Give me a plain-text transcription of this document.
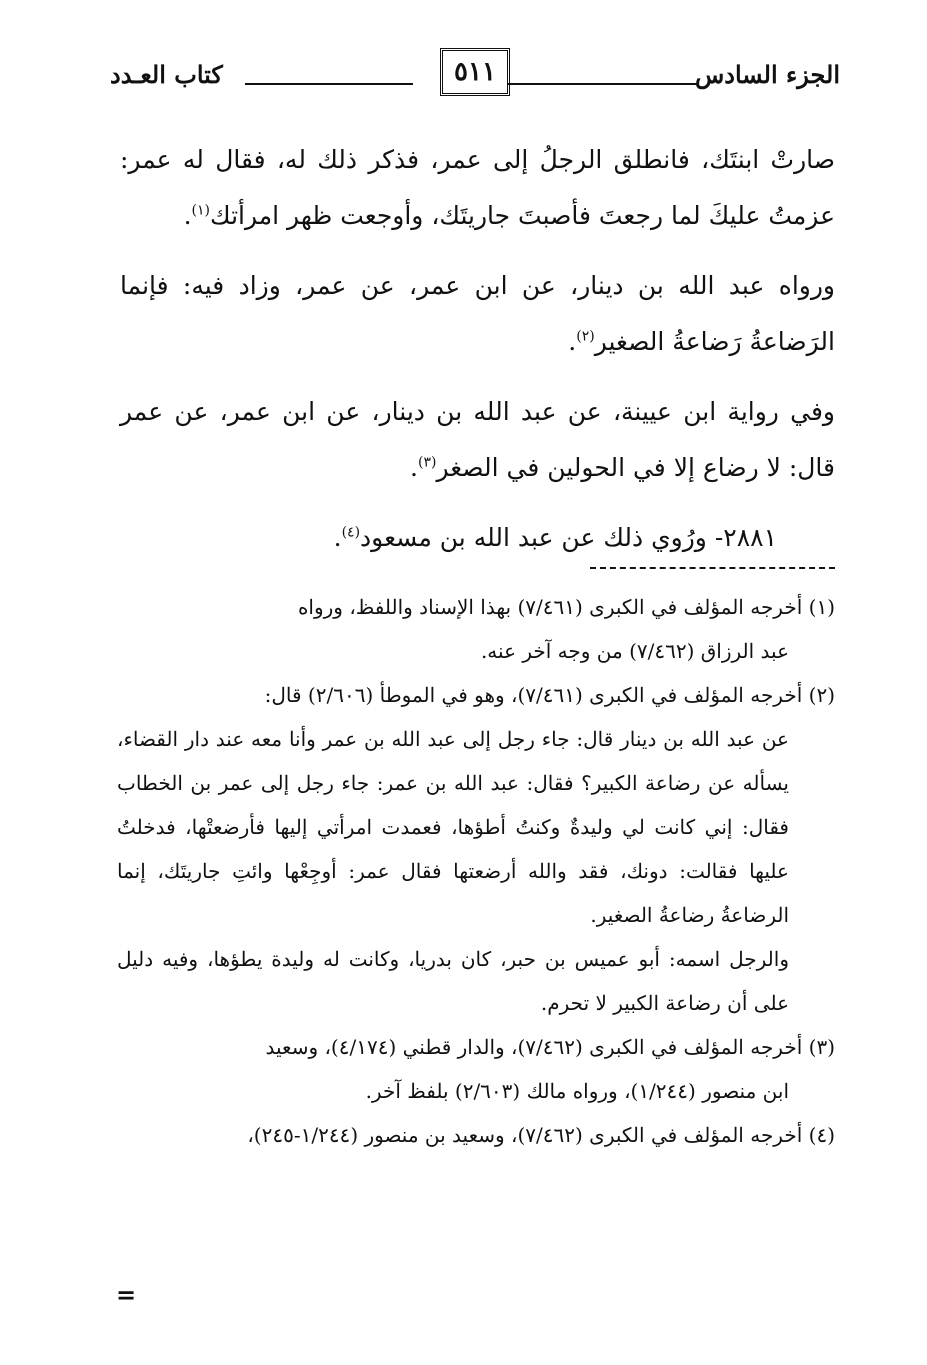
الجزء السادس
٥١١
كتاب العـدد

صارتْ ابنتَك، فانطلق الرجلُ إلى عمر، فذكر ذلك له، فقال له عمر: عزمتُ عليكَ لما رجعتَ فأصبتَ جاريتَك، وأوجعت ظهر امرأتك$^{(١)}$.

ورواه عبد الله بن دينار، عن ابن عمر، عن عمر، وزاد فيه: فإنما الرَضاعةُ رَضاعةُ الصغير$^{(٢)}$.

وفي رواية ابن عيينة، عن عبد الله بن دينار، عن ابن عمر، عن عمر قال: لا رضاع إلا في الحولين في الصغر$^{(٣)}$.

٢٨٨١- ورُوي ذلك عن عبد الله بن مسعود$^{(٤)}$.

(١) أخرجه المؤلف في الكبرى (٧/٤٦١) بهذا الإسناد واللفظ، ورواه
عبد الرزاق (٧/٤٦٢) من وجه آخر عنه.
(٢) أخرجه المؤلف في الكبرى (٧/٤٦١)، وهو في الموطأ (٢/٦٠٦) قال:
عن عبد الله بن دينار قال: جاء رجل إلى عبد الله بن عمر وأنا معه عند دار القضاء، يسأله عن رضاعة الكبير؟ فقال: عبد الله بن عمر: جاء رجل إلى عمر بن الخطاب فقال: إني كانت لي وليدةٌ وكنتُ أطؤها، فعمدت امرأتي إليها فأرضعتْها، فدخلتُ عليها فقالت: دونك، فقد والله أرضعتها فقال عمر: أوجِعْها وائتِ جاريتَك، إنما الرضاعةُ رضاعةُ الصغير.
والرجل اسمه: أبو عميس بن حبر، كان بدريا، وكانت له وليدة يطؤها، وفيه دليل على أن رضاعة الكبير لا تحرم.
(٣) أخرجه المؤلف في الكبرى (٧/٤٦٢)، والدار قطني (٤/١٧٤)، وسعيد
ابن منصور (١/٢٤٤)، ورواه مالك (٢/٦٠٣) بلفظ آخر.
(٤) أخرجه المؤلف في الكبرى (٧/٤٦٢)، وسعيد بن منصور (١/٢٤٤-٢٤٥)،
=
